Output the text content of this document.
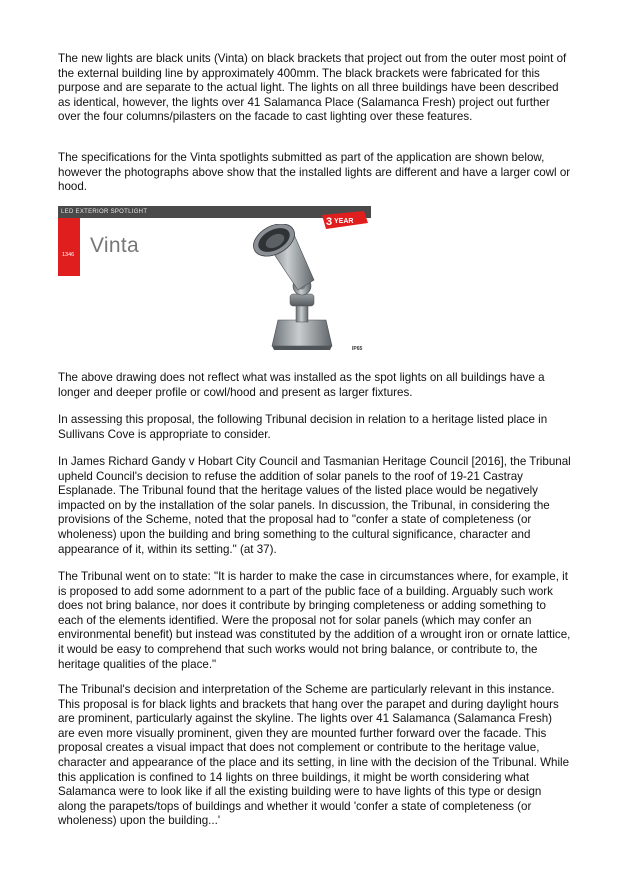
The new lights are black units (Vinta) on black brackets that project out from the outer most point of the external building line by approximately 400mm. The black brackets were fabricated for this purpose and are separate to the actual light. The lights on all three buildings have been described as identical, however, the lights over 41 Salamanca Place (Salamanca Fresh) project out further over the four columns/pilasters on the facade to cast lighting over these features.

The specifications for the Vinta spotlights submitted as part of the application are shown below, however the photographs above show that the installed lights are different and have a larger cowl or hood.

LED EXTERIOR SPOTLIGHT
3 YEAR
1346 Vinta
IP65

The above drawing does not reflect what was installed as the spot lights on all buildings have a longer and deeper profile or cowl/hood and present as larger fixtures.

In assessing this proposal, the following Tribunal decision in relation to a heritage listed place in Sullivans Cove is appropriate to consider.

In James Richard Gandy v Hobart City Council and Tasmanian Heritage Council [2016], the Tribunal upheld Council's decision to refuse the addition of solar panels to the roof of 19-21 Castray Esplanade. The Tribunal found that the heritage values of the listed place would be negatively impacted on by the installation of the solar panels. In discussion, the Tribunal, in considering the provisions of the Scheme, noted that the proposal had to "confer a state of completeness (or wholeness) upon the building and bring something to the cultural significance, character and appearance of it, within its setting." (at 37).

The Tribunal went on to state: "It is harder to make the case in circumstances where, for example, it is proposed to add some adornment to a part of the public face of a building. Arguably such work does not bring balance, nor does it contribute by bringing completeness or adding something to each of the elements identified. Were the proposal not for solar panels (which may confer an environmental benefit) but instead was constituted by the addition of a wrought iron or ornate lattice, it would be easy to comprehend that such works would not bring balance, or contribute to, the heritage qualities of the place."

The Tribunal's decision and interpretation of the Scheme are particularly relevant in this instance. This proposal is for black lights and brackets that hang over the parapet and during daylight hours are prominent, particularly against the skyline. The lights over 41 Salamanca (Salamanca Fresh) are even more visually prominent, given they are mounted further forward over the facade. This proposal creates a visual impact that does not complement or contribute to the heritage value, character and appearance of the place and its setting, in line with the decision of the Tribunal. While this application is confined to 14 lights on three buildings, it might be worth considering what Salamanca were to look like if all the existing building were to have lights of this type or design along the parapets/tops of buildings and whether it would 'confer a state of completeness (or wholeness) upon the building...'
